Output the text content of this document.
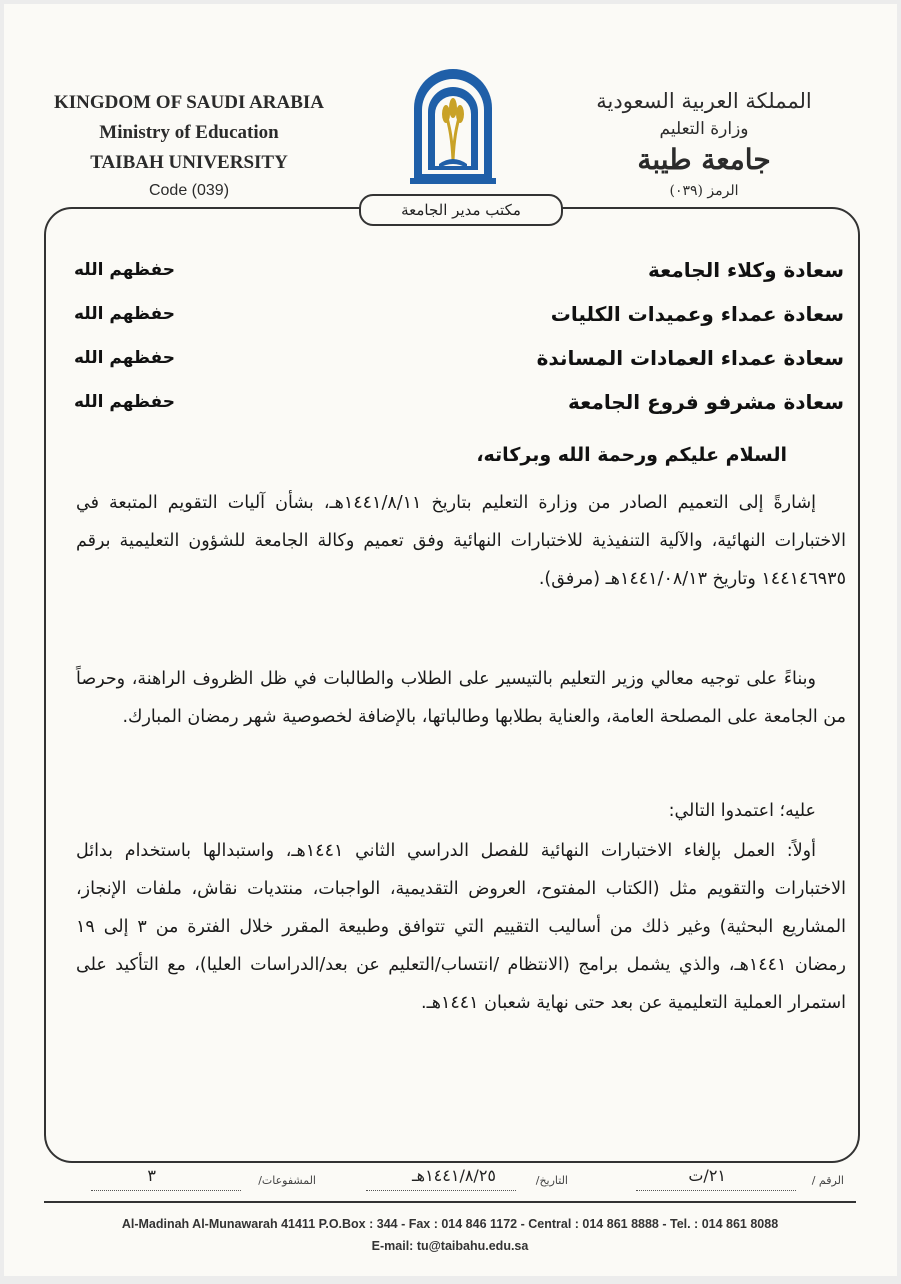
KINGDOM OF SAUDI ARABIA
Ministry of Education
TAIBAH UNIVERSITY
Code (039)
المملكة العربية السعودية
وزارة التعليم
جامعة طيبة
الرمز (٠٣٩)
مكتب مدير الجامعة
سعادة وكلاء الجامعة
حفظهم الله
سعادة عمداء وعميدات الكليات
حفظهم الله
سعادة عمداء العمادات المساندة
حفظهم الله
سعادة مشرفو فروع الجامعة
حفظهم الله
السلام عليكم ورحمة الله وبركاته،
إشارةً إلى التعميم الصادر من وزارة التعليم بتاريخ ١٤٤١/٨/١١هـ، بشأن آليات التقويم المتبعة في الاختبارات النهائية، والآلية التنفيذية للاختبارات النهائية وفق تعميم وكالة الجامعة للشؤون التعليمية برقم ١٤٤١٤٦٩٣٥ وتاريخ ١٤٤١/٠٨/١٣هـ (مرفق).
وبناءً على توجيه معالي وزير التعليم بالتيسير على الطلاب والطالبات في ظل الظروف الراهنة، وحرصاً من الجامعة على المصلحة العامة، والعناية بطلابها وطالباتها، بالإضافة لخصوصية شهر رمضان المبارك.
عليه؛ اعتمدوا التالي:
أولاً: العمل بإلغاء الاختبارات النهائية للفصل الدراسي الثاني ١٤٤١هـ، واستبدالها باستخدام بدائل الاختبارات والتقويم مثل (الكتاب المفتوح، العروض التقديمية، الواجبات، منتديات نقاش، ملفات الإنجاز، المشاريع البحثية) وغير ذلك من أساليب التقييم التي تتوافق وطبيعة المقرر خلال الفترة من ٣ إلى ١٩ رمضان ١٤٤١هـ، والذي يشمل برامج (الانتظام /انتساب/التعليم عن بعد/الدراسات العليا)، مع التأكيد على استمرار العملية التعليمية عن بعد حتى نهاية شعبان ١٤٤١هـ.
الرقم /
٢١/ت
التاريخ/
١٤٤١/٨/٢٥هـ
المشفوعات/
٣
Al-Madinah Al-Munawarah 41411 P.O.Box : 344 - Fax : 014 846 1172 - Central : 014 861 8888 - Tel. : 014 861 8088
E-mail: tu@taibahu.edu.sa
